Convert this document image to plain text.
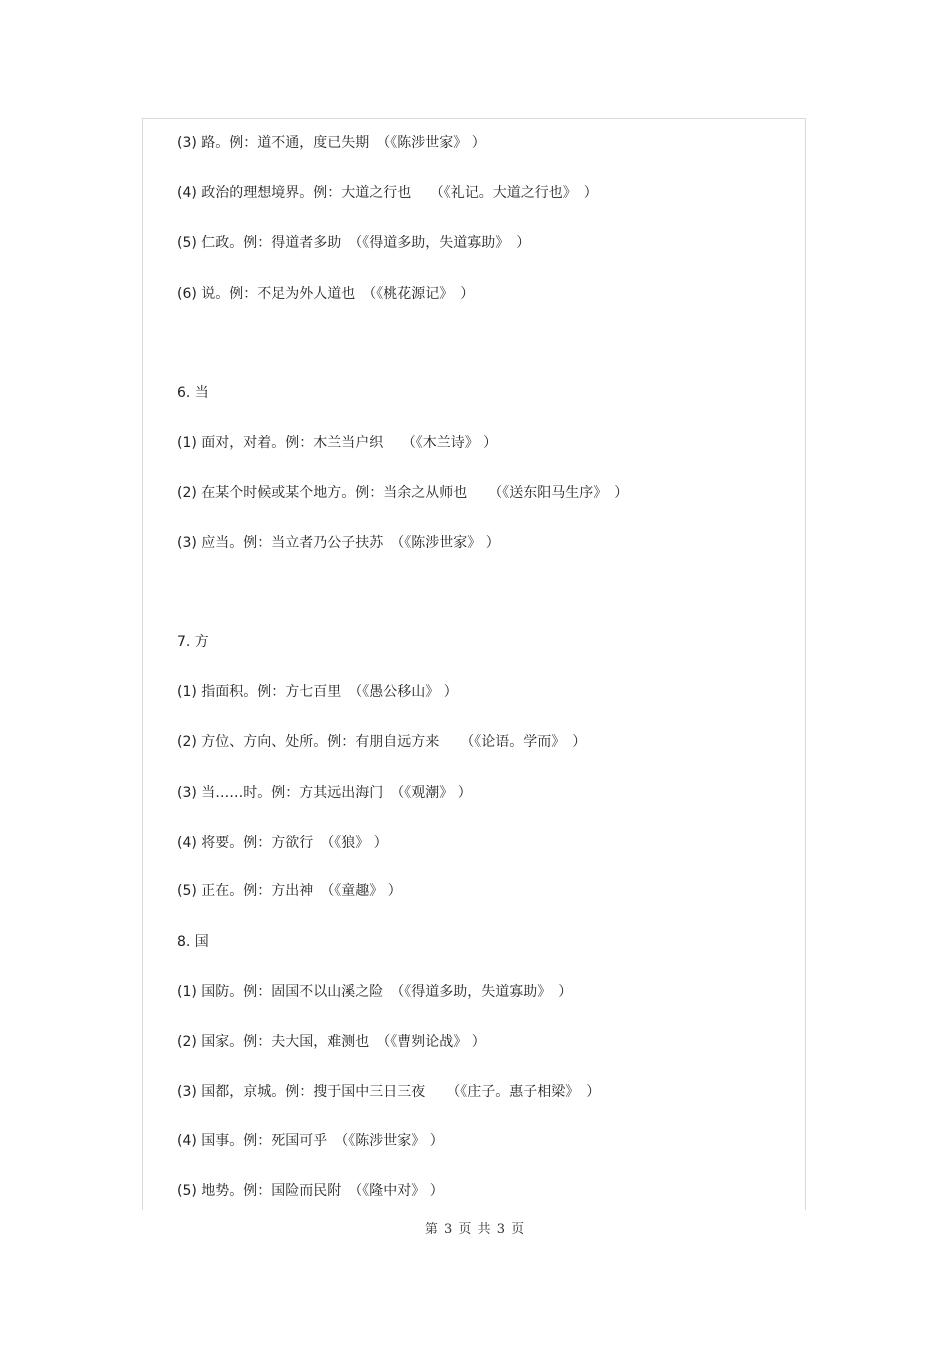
(3) 路。例：道不通，度已失期　（《陈涉世家》 ）
(4) 政治的理想境界。例：大道之行也　 （《礼记。大道之行也》　）
(5) 仁政。例：得道者多助　（《得道多助，失道寡助》　）
(6) 说。例：不足为外人道也　（《桃花源记》　）
6. 当
(1) 面对，对着。例：木兰当户织　 （《木兰诗》 ）
(2) 在某个时候或某个地方。例：当余之从师也　　（《送东阳马生序》　）
(3) 应当。例：当立者乃公子扶苏　（《陈涉世家》 ）
7. 方
(1) 指面积。例：方七百里　（《愚公移山》 ）
(2) 方位、方向、处所。例：有朋自远方来　　（《论语。学而》　）
(3) 当……时。例：方其远出海门　（《观潮》 ）
(4) 将要。例：方欲行　（《狼》 ）
(5) 正在。例：方出神　（《童趣》 ）
8. 国
(1) 国防。例：固国不以山溪之险　（《得道多助，失道寡助》　）
(2) 国家。例：夫大国，难测也　（《曹刿论战》 ）
(3) 国都，京城。例：搜于国中三日三夜　　（《庄子。惠子相梁》　）
(4) 国事。例：死国可乎　（《陈涉世家》 ）
(5) 地势。例：国险而民附　（《隆中对》 ）
第 3 页 共 3 页
